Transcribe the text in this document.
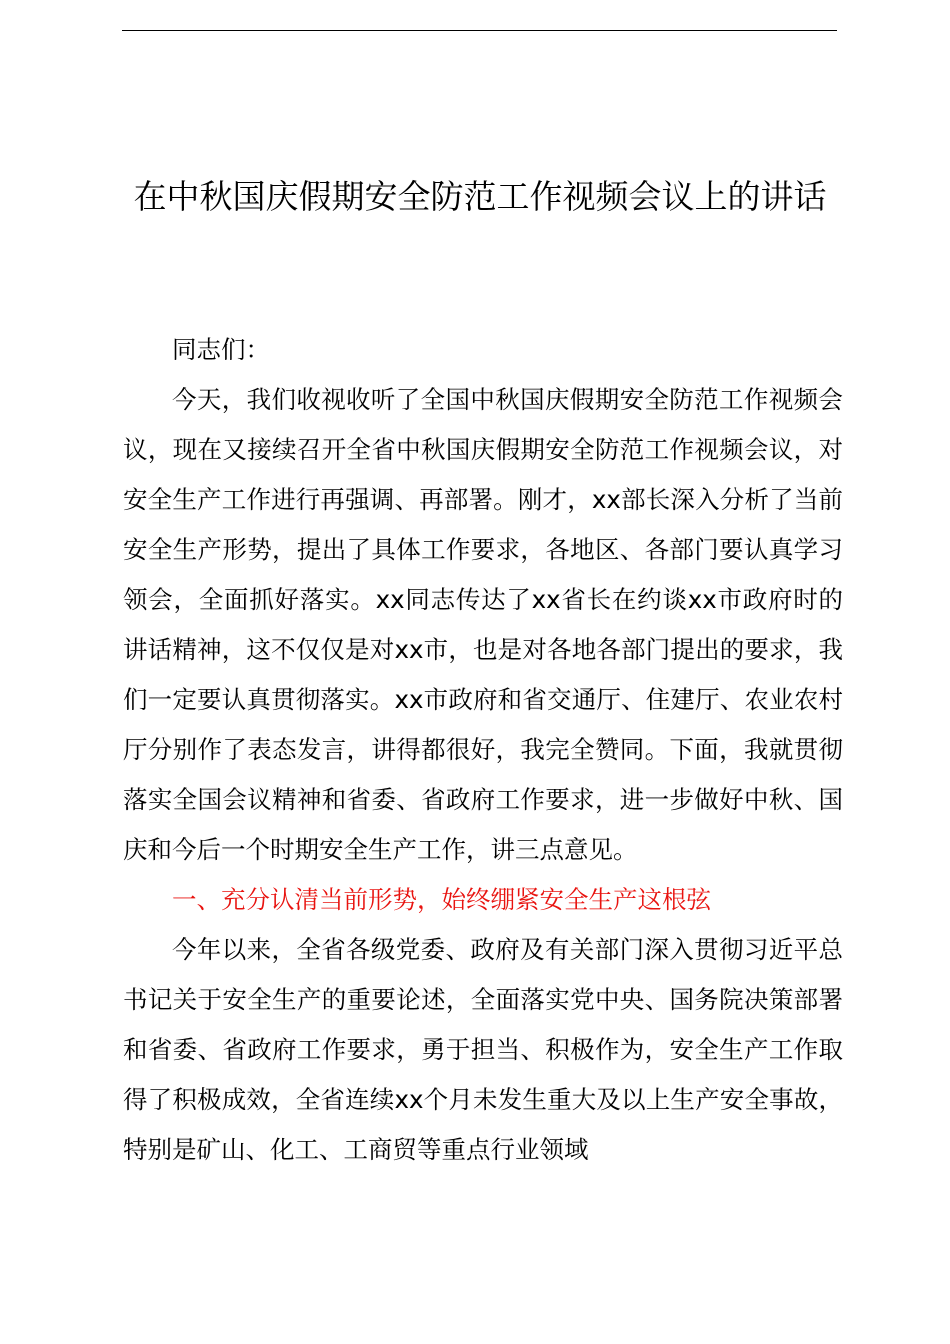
在中秋国庆假期安全防范工作视频会议上的讲话

同志们：

今天，我们收视收听了全国中秋国庆假期安全防范工作视频会议，现在又接续召开全省中秋国庆假期安全防范工作视频会议，对安全生产工作进行再强调、再部署。刚才，xx部长深入分析了当前安全生产形势，提出了具体工作要求，各地区、各部门要认真学习领会，全面抓好落实。xx同志传达了xx省长在约谈xx市政府时的讲话精神，这不仅仅是对xx市，也是对各地各部门提出的要求，我们一定要认真贯彻落实。xx市政府和省交通厅、住建厅、农业农村厅分别作了表态发言，讲得都很好，我完全赞同。下面，我就贯彻落实全国会议精神和省委、省政府工作要求，进一步做好中秋、国庆和今后一个时期安全生产工作，讲三点意见。

一、充分认清当前形势，始终绷紧安全生产这根弦

今年以来，全省各级党委、政府及有关部门深入贯彻习近平总书记关于安全生产的重要论述，全面落实党中央、国务院决策部署和省委、省政府工作要求，勇于担当、积极作为，安全生产工作取得了积极成效，全省连续xx个月未发生重大及以上生产安全事故，特别是矿山、化工、工商贸等重点行业领域
